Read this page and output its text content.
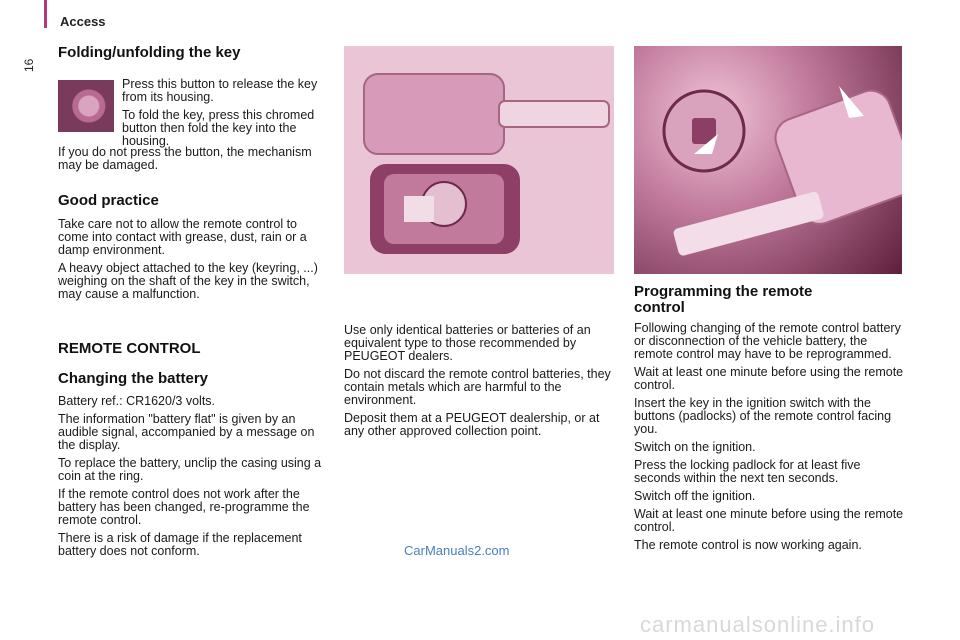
Access
16
Folding/unfolding the key

Press this button to release the key from its housing.

To fold the key, press this chromed button then fold the key into the housing.

If you do not press the button, the mechanism may be damaged.

Good practice

Take care not to allow the remote control to come into contact with grease, dust, rain or a damp environment.

A heavy object attached to the key (keyring, ...) weighing on the shaft of the key in the switch, may cause a malfunction.

REMOTE CONTROL
Changing the battery

Battery ref.: CR1620/3 volts.

The information "battery flat" is given by an audible signal, accompanied by a message on the display.

To replace the battery, unclip the casing using a coin at the ring.

If the remote control does not work after the battery has been changed, re-programme the remote control.

There is a risk of damage if the replacement battery does not conform.

Use only identical batteries or batteries of an equivalent type to those recommended by PEUGEOT dealers.

Do not discard the remote control batteries, they contain metals which are harmful to the environment.

Deposit them at a PEUGEOT dealership, or at any other approved collection point.

Programming the remote control

Following changing of the remote control battery or disconnection of the vehicle battery, the remote control may have to be reprogrammed.

Wait at least one minute before using the remote control.

Insert the key in the ignition switch with the buttons (padlocks) of the remote control facing you.

Switch on the ignition.

Press the locking padlock for at least five seconds within the next ten seconds.

Switch off the ignition.

Wait at least one minute before using the remote control.

The remote control is now working again.

CarManuals2.com
carmanualsonline.info
